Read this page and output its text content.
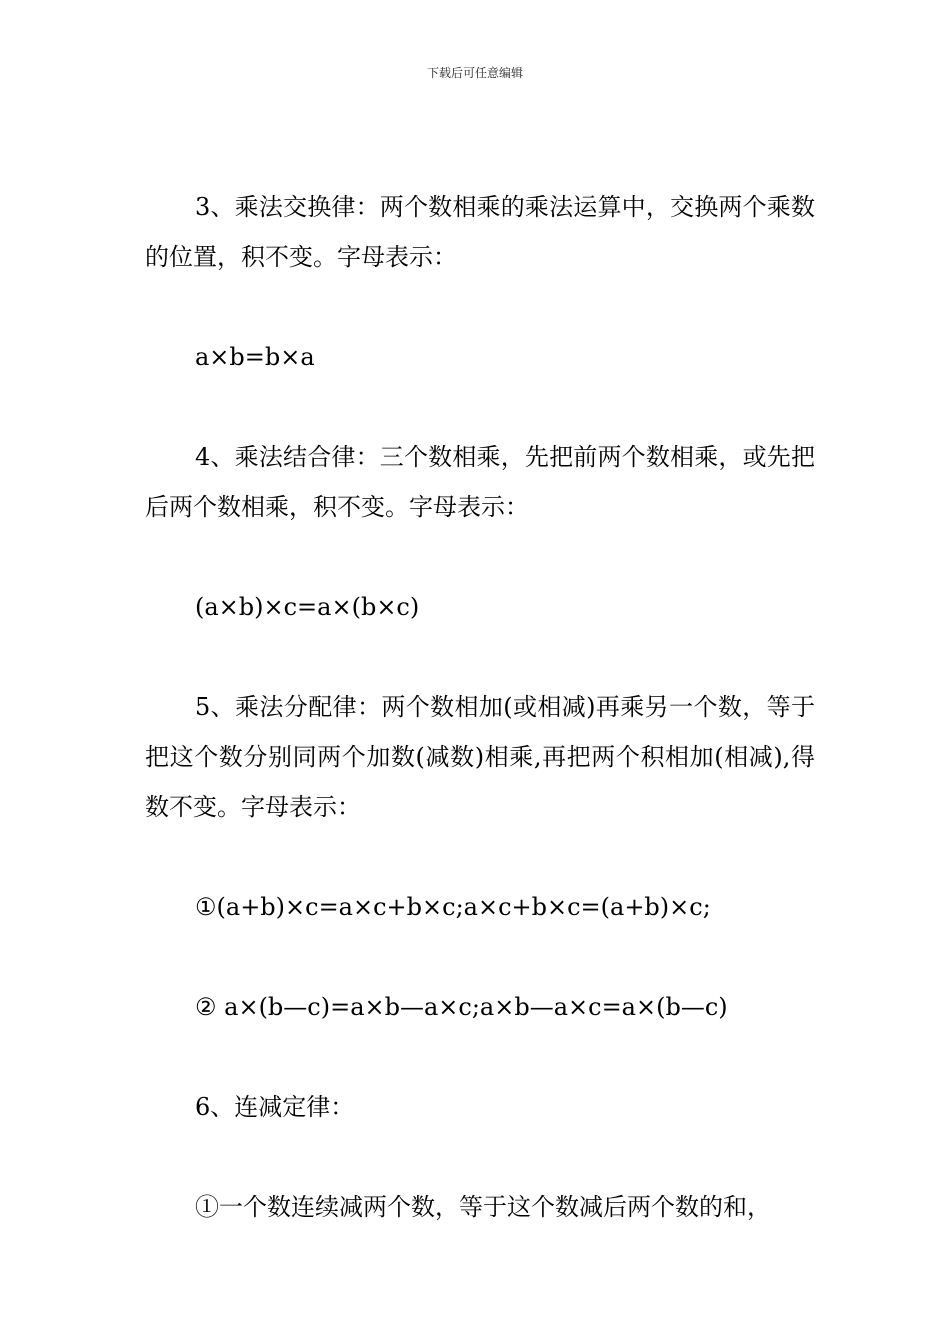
下载后可任意编辑

3、乘法交换律：两个数相乘的乘法运算中，交换两个乘数的位置，积不变。字母表示：

a×b=b×a

4、乘法结合律：三个数相乘，先把前两个数相乘，或先把后两个数相乘，积不变。字母表示：

(a×b)×c=a×(b×c)

5、乘法分配律：两个数相加(或相减)再乘另一个数，等于把这个数分别同两个加数(减数)相乘,再把两个积相加(相减),得数不变。字母表示：

①(a+b)×c=a×c+b×c;a×c+b×c=(a+b)×c;

② a×(b—c)=a×b—a×c;a×b—a×c=a×(b—c)

6、连减定律：

①一个数连续减两个数，等于这个数减后两个数的和，
